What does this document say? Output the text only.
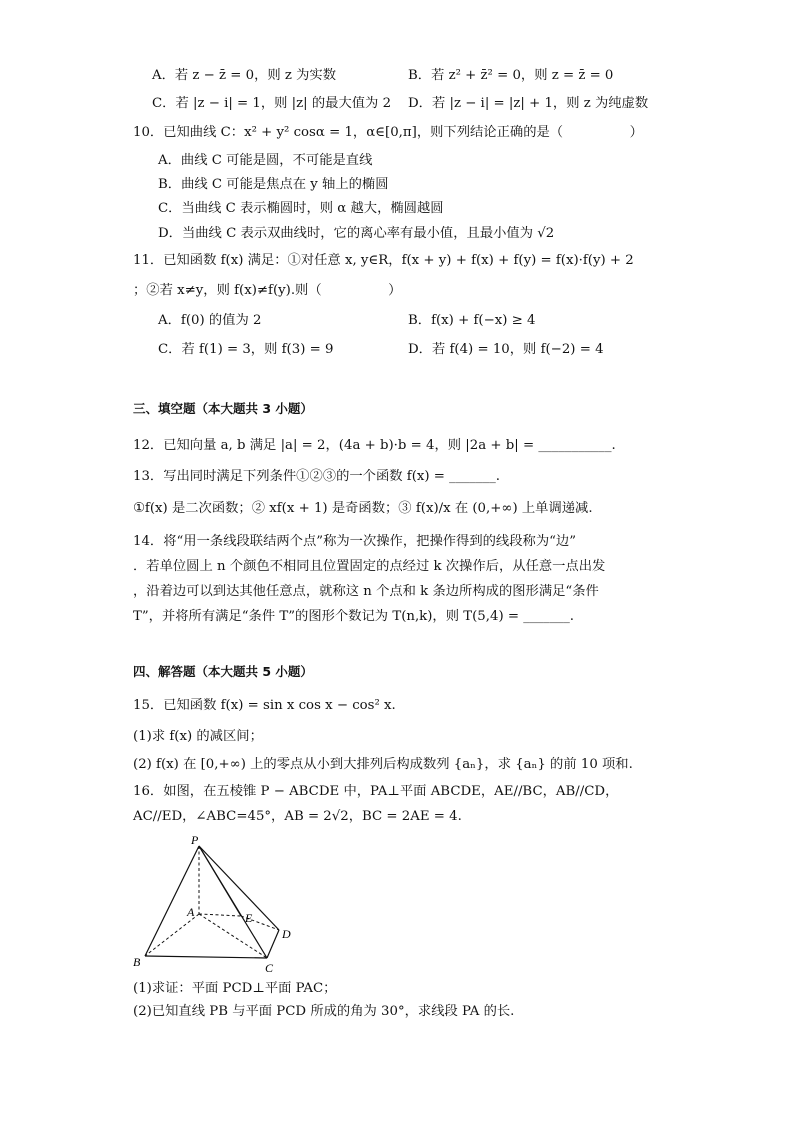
A．若 z − z̄ = 0，则 z 为实数	B．若 z² + z̄² = 0，则 z = z̄ = 0
C．若 |z − i| = 1，则 |z| 的最大值为 2 D．若 |z − i| = |z| + 1，则 z 为纯虚数
10．已知曲线 C：x² + y² cosα = 1，α∈[0,π]，则下列结论正确的是（　　　　　）
A．曲线 C 可能是圆，不可能是直线
B．曲线 C 可能是焦点在 y 轴上的椭圆
C．当曲线 C 表示椭圆时，则 α 越大，椭圆越圆
D．当曲线 C 表示双曲线时，它的离心率有最小值，且最小值为 √2
11．已知函数 f(x) 满足：①对任意 x, y∈R，f(x + y) + f(x) + f(y) = f(x)·f(y) + 2
；②若 x≠y，则 f(x)≠f(y).则（　　　　　）
A．f(0) 的值为 2	B．f(x) + f(−x) ≥ 4
C．若 f(1) = 3，则 f(3) = 9	D．若 f(4) = 10，则 f(−2) = 4
三、填空题（本大题共 3 小题）
12．已知向量 a, b 满足 |a| = 2，(4a + b)·b = 4，则 |2a + b| = ___________.
13．写出同时满足下列条件①②③的一个函数 f(x) = _______.
①f(x) 是二次函数；② xf(x + 1) 是奇函数；③ f(x)/x 在 (0,+∞) 上单调递减.
14．将“用一条线段联结两个点”称为一次操作，把操作得到的线段称为“边”
．若单位圆上 n 个颜色不相同且位置固定的点经过 k 次操作后，从任意一点出发
，沿着边可以到达其他任意点，就称这 n 个点和 k 条边所构成的图形满足“条件
T”，并将所有满足“条件 T”的图形个数记为 T(n,k)，则 T(5,4) = _______.
四、解答题（本大题共 5 小题）
15．已知函数 f(x) = sin x cos x − cos² x.
(1)求 f(x) 的减区间；
(2) f(x) 在 [0,+∞) 上的零点从小到大排列后构成数列 {aₙ}，求 {aₙ} 的前 10 项和.
16．如图，在五棱锥 P − ABCDE 中，PA⊥平面 ABCDE，AE//BC，AB//CD，
AC//ED，∠ABC=45°，AB = 2√2，BC = 2AE = 4.
P
A
B	C
D
E
(1)求证：平面 PCD⊥平面 PAC；
(2)已知直线 PB 与平面 PCD 所成的角为 30°，求线段 PA 的长.
